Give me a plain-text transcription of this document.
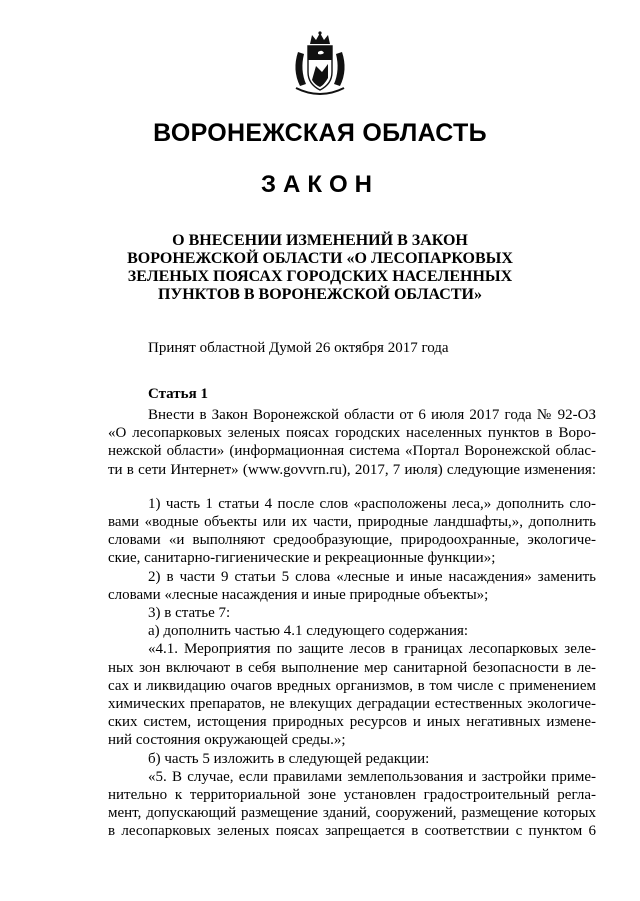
ВОРОНЕЖСКАЯ ОБЛАСТЬ
ЗАКОН
О ВНЕСЕНИИ ИЗМЕНЕНИЙ В ЗАКОН
ВОРОНЕЖСКОЙ ОБЛАСТИ «О ЛЕСОПАРКОВЫХ
ЗЕЛЕНЫХ ПОЯСАХ ГОРОДСКИХ НАСЕЛЕННЫХ
ПУНКТОВ В ВОРОНЕЖСКОЙ ОБЛАСТИ»
Принят областной Думой 26 октября 2017 года
Статья 1
Внести в Закон Воронежской области от 6 июля 2017 года № 92-ОЗ
«О лесопарковых зеленых поясах городских населенных пунктов в Воро-
нежской области» (информационная система «Портал Воронежской облас-
ти в сети Интернет» (www.govvrn.ru), 2017, 7 июля) следующие изменения:
1) часть 1 статьи 4 после слов «расположены леса,» дополнить сло-
вами «водные объекты или их части, природные ландшафты,», дополнить
словами «и выполняют средообразующие, природоохранные, экологиче-
ские, санитарно-гигиенические и рекреационные функции»;
2) в части 9 статьи 5 слова «лесные и иные насаждения» заменить
словами «лесные насаждения и иные природные объекты»;
3) в статье 7:
а) дополнить частью 4.1 следующего содержания:
«4.1. Мероприятия по защите лесов в границах лесопарковых зеле-
ных зон включают в себя выполнение мер санитарной безопасности в ле-
сах и ликвидацию очагов вредных организмов, в том числе с применением
химических препаратов, не влекущих деградации естественных экологиче-
ских систем, истощения природных ресурсов и иных негативных измене-
ний состояния окружающей среды.»;
б) часть 5 изложить в следующей редакции:
«5. В случае, если правилами землепользования и застройки приме-
нительно к территориальной зоне установлен градостроительный регла-
мент, допускающий размещение зданий, сооружений, размещение которых
в лесопарковых зеленых поясах запрещается в соответствии с пунктом 6
